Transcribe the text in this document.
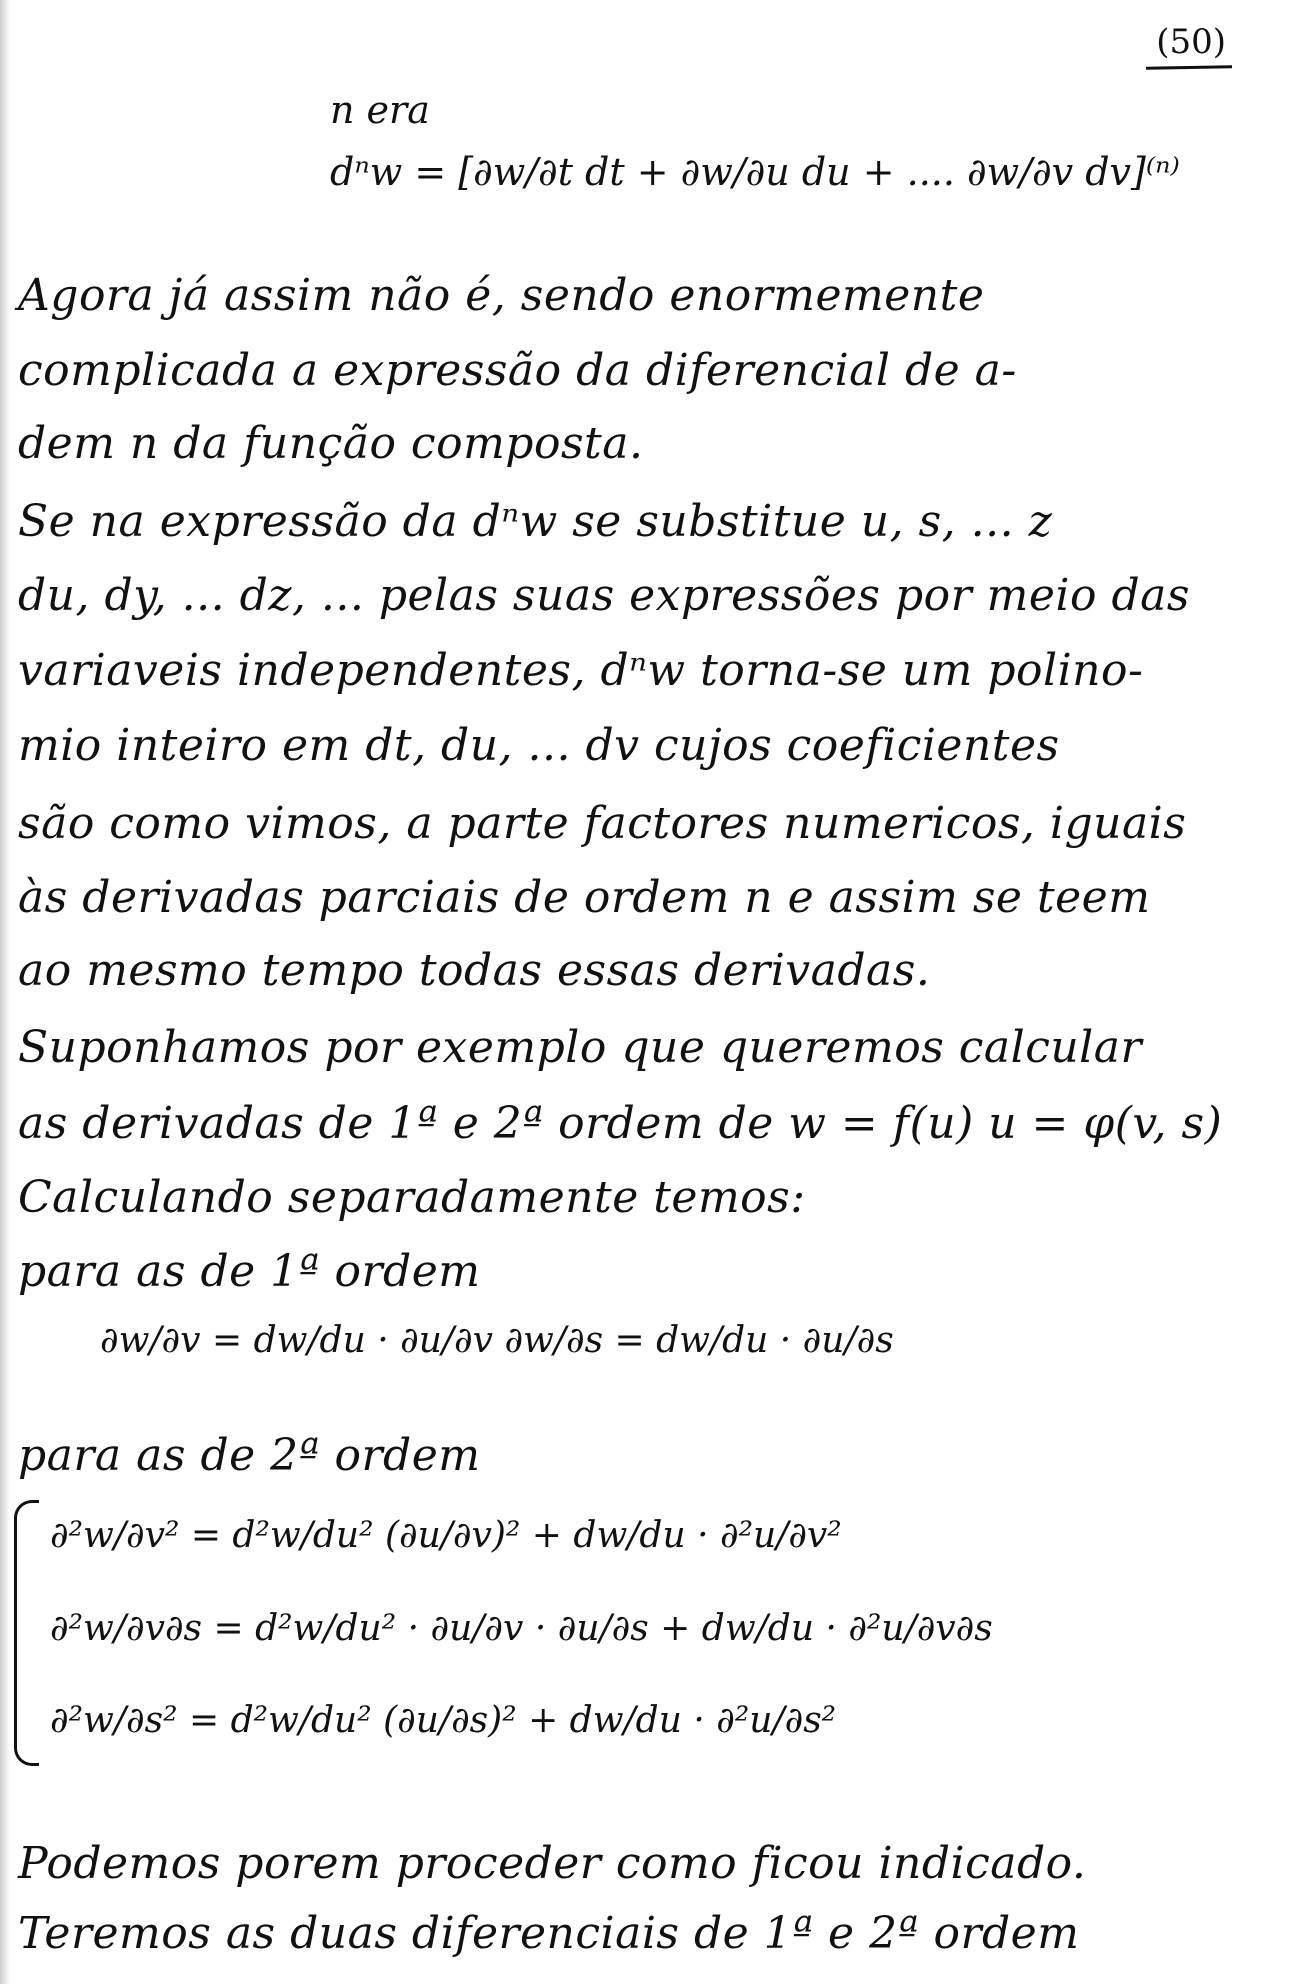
(50)
n era
dⁿw = [∂w/∂t dt + ∂w/∂u du + .... ∂w/∂v dv]⁽ⁿ⁾
Agora já assim não é, sendo enormemente
complicada a expressão da diferencial de a-
dem n da função composta.
Se na expressão da dⁿw se substitue u, s, ... z
du, dy, ... dz, ... pelas suas expressões por meio das
variaveis independentes, dⁿw torna-se um polino-
mio inteiro em dt, du, ... dv cujos coeficientes
são como vimos, a parte factores numericos, iguais
às derivadas parciais de ordem n e assim se teem
ao mesmo tempo todas essas derivadas.
Suponhamos por exemplo que queremos calcular
as derivadas de 1ª e 2ª ordem de w = f(u) u = φ(v, s)
Calculando separadamente temos:
para as de 1ª ordem
∂w/∂v = dw/du · ∂u/∂v ∂w/∂s = dw/du · ∂u/∂s
para as de 2ª ordem
∂²w/∂v² = d²w/du² (∂u/∂v)² + dw/du · ∂²u/∂v²
∂²w/∂v∂s = d²w/du² · ∂u/∂v · ∂u/∂s + dw/du · ∂²u/∂v∂s
∂²w/∂s² = d²w/du² (∂u/∂s)² + dw/du · ∂²u/∂s²
Podemos porem proceder como ficou indicado.
Teremos as duas diferenciais de 1ª e 2ª ordem
